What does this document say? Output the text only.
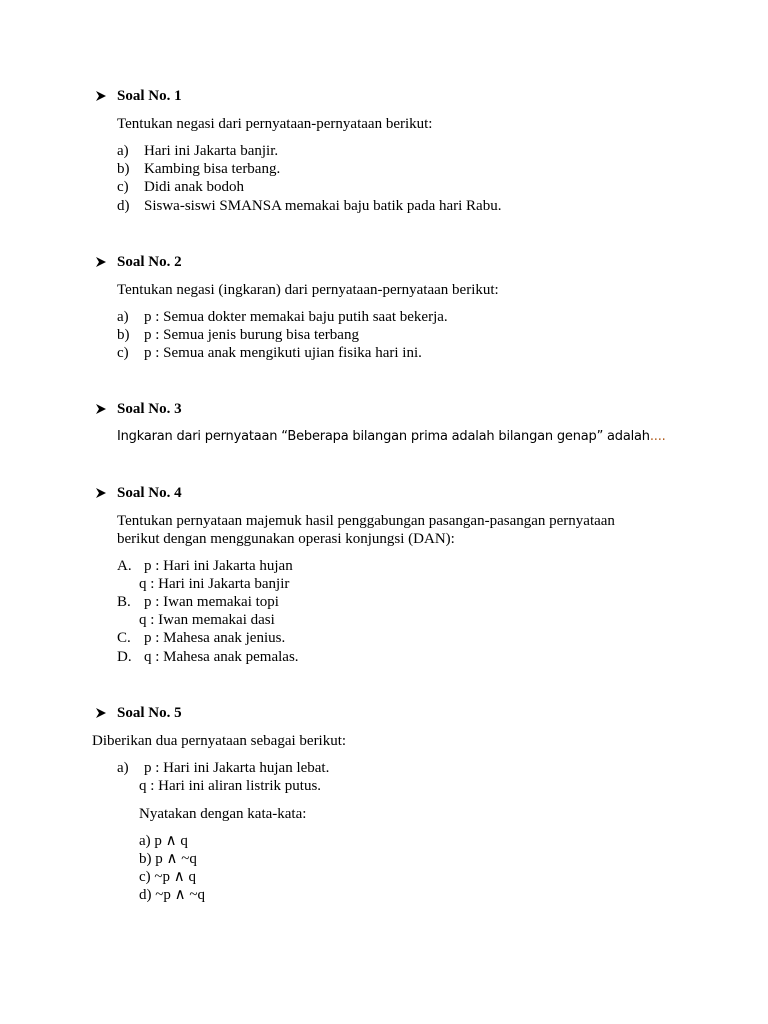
Soal No. 1
Tentukan negasi dari pernyataan-pernyataan berikut:
a) Hari ini Jakarta banjir.
b) Kambing bisa terbang.
c) Didi anak bodoh
d) Siswa-siswi SMANSA memakai baju batik pada hari Rabu.
Soal No. 2
Tentukan negasi (ingkaran) dari pernyataan-pernyataan berikut:
a) p : Semua dokter memakai baju putih saat bekerja.
b) p : Semua jenis burung bisa terbang
c) p : Semua anak mengikuti ujian fisika hari ini.
Soal No. 3
Ingkaran dari pernyataan “Beberapa bilangan prima adalah bilangan genap” adalah....
Soal No. 4
Tentukan pernyataan majemuk hasil penggabungan pasangan-pasangan pernyataan
berikut dengan menggunakan operasi konjungsi (DAN):
A. p : Hari ini Jakarta hujan
q : Hari ini Jakarta banjir
B. p : Iwan memakai topi
q : Iwan memakai dasi
C. p : Mahesa anak jenius.
D. q : Mahesa anak pemalas.
Soal No. 5
Diberikan dua pernyataan sebagai berikut:
a) p : Hari ini Jakarta hujan lebat.
q : Hari ini aliran listrik putus.
Nyatakan dengan kata-kata:
a) p ∧ q
b) p ∧ ~q
c) ~p ∧ q
d) ~p ∧ ~q
